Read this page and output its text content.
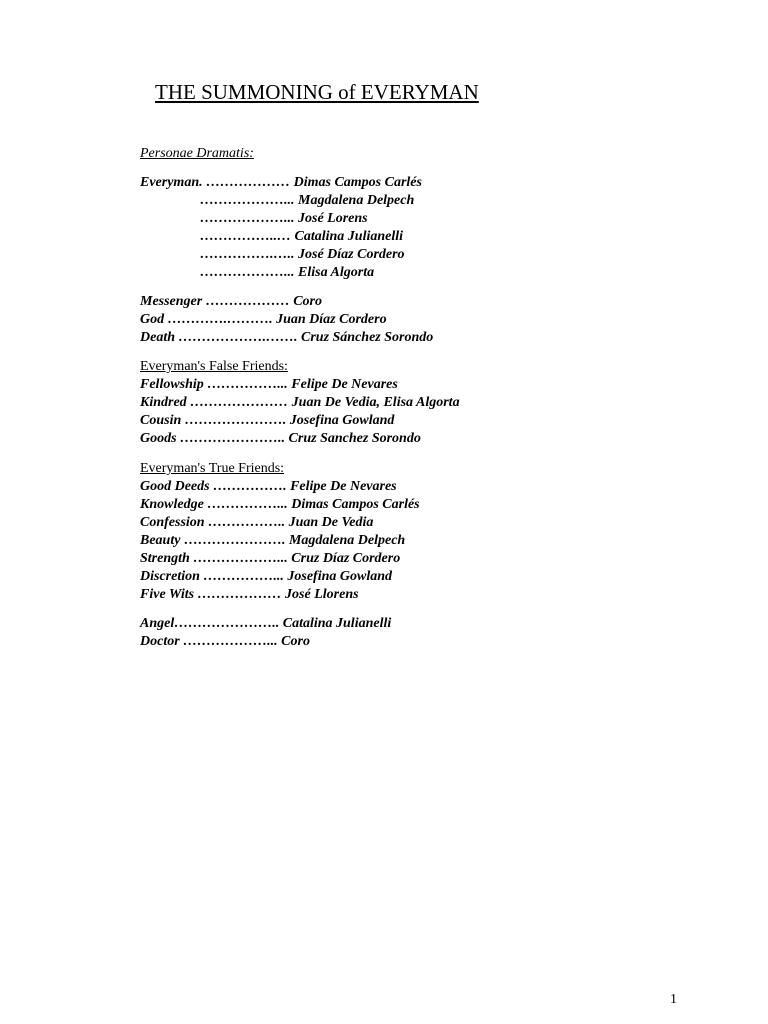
THE SUMMONING of EVERYMAN
Personae Dramatis:
Everyman. ……………… Dimas Campos Carlés
………………... Magdalena Delpech
………………... José Lorens
……………..… Catalina Julianelli
…………….….. José Díaz Cordero
………………... Elisa Algorta
Messenger ……………… Coro
God ………….………. Juan Díaz Cordero
Death ……………….……. Cruz Sánchez Sorondo
Everyman's False Friends:
Fellowship ……………... Felipe De Nevares
Kindred ………………… Juan De Vedia, Elisa Algorta
Cousin …………………. Josefina Gowland
Goods ………………….. Cruz Sanchez Sorondo
Everyman's True Friends:
Good Deeds ……………. Felipe De Nevares
Knowledge ……………... Dimas Campos Carlés
Confession …………….. Juan De Vedia
Beauty …………………. Magdalena Delpech
Strength ………………... Cruz Díaz Cordero
Discretion ……………... Josefina Gowland
Five Wits ……………… José Llorens
Angel………………….. Catalina Julianelli
Doctor ………………... Coro
1
